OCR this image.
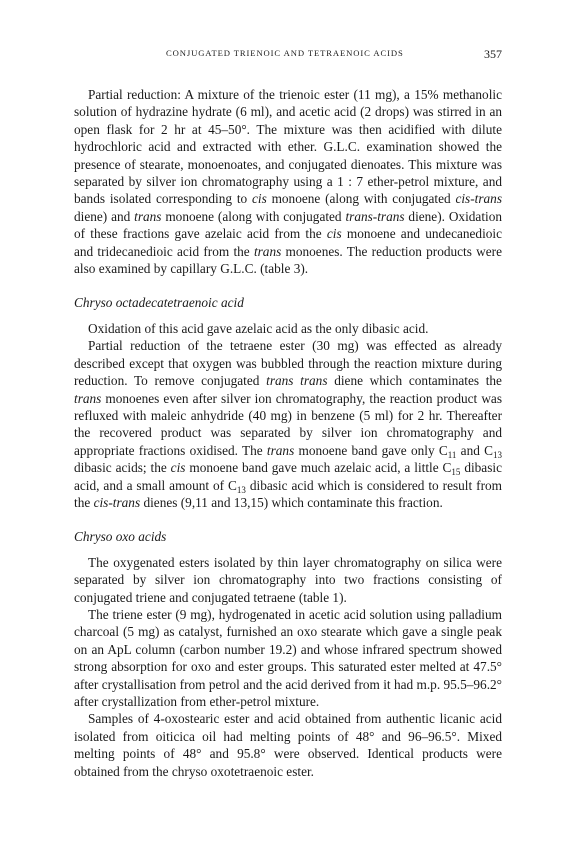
CONJUGATED TRIENOIC AND TETRAENOIC ACIDS	357

Partial reduction: A mixture of the trienoic ester (11 mg), a 15% methanolic solution of hydrazine hydrate (6 ml), and acetic acid (2 drops) was stirred in an open flask for 2 hr at 45–50°. The mixture was then acidified with dilute hydrochloric acid and extracted with ether. G.L.C. examination showed the presence of stearate, monoenoates, and conjugated dienoates. This mixture was separated by silver ion chromatography using a 1 : 7 ether-petrol mixture, and bands isolated corresponding to cis monoene (along with conjugated cis-trans diene) and trans monoene (along with conjugated trans-trans diene). Oxidation of these fractions gave azelaic acid from the cis monoene and undecanedioic and tridecanedioic acid from the trans monoenes. The reduction products were also examined by capillary G.L.C. (table 3).

Chryso octadecatetraenoic acid

Oxidation of this acid gave azelaic acid as the only dibasic acid.

Partial reduction of the tetraene ester (30 mg) was effected as already described except that oxygen was bubbled through the reaction mixture during reduction. To remove conjugated trans trans diene which contaminates the trans monoenes even after silver ion chromatography, the reaction product was refluxed with maleic anhydride (40 mg) in benzene (5 ml) for 2 hr. Thereafter the recovered product was separated by silver ion chromatography and appropriate fractions oxidised. The trans monoene band gave only $C_{11}$ and $C_{13}$ dibasic acids; the cis monoene band gave much azelaic acid, a little $C_{15}$ dibasic acid, and a small amount of $C_{13}$ dibasic acid which is considered to result from the cis-trans dienes (9,11 and 13,15) which contaminate this fraction.

Chryso oxo acids

The oxygenated esters isolated by thin layer chromatography on silica were separated by silver ion chromatography into two fractions consisting of conjugated triene and conjugated tetraene (table 1).

The triene ester (9 mg), hydrogenated in acetic acid solution using palladium charcoal (5 mg) as catalyst, furnished an oxo stearate which gave a single peak on an ApL column (carbon number 19.2) and whose infrared spectrum showed strong absorption for oxo and ester groups. This saturated ester melted at 47.5° after crystallisation from petrol and the acid derived from it had m.p. 95.5–96.2° after crystallization from ether-petrol mixture.

Samples of 4-oxostearic ester and acid obtained from authentic licanic acid isolated from oiticica oil had melting points of 48° and 96–96.5°. Mixed melting points of 48° and 95.8° were observed. Identical products were obtained from the chryso oxotetraenoic ester.
